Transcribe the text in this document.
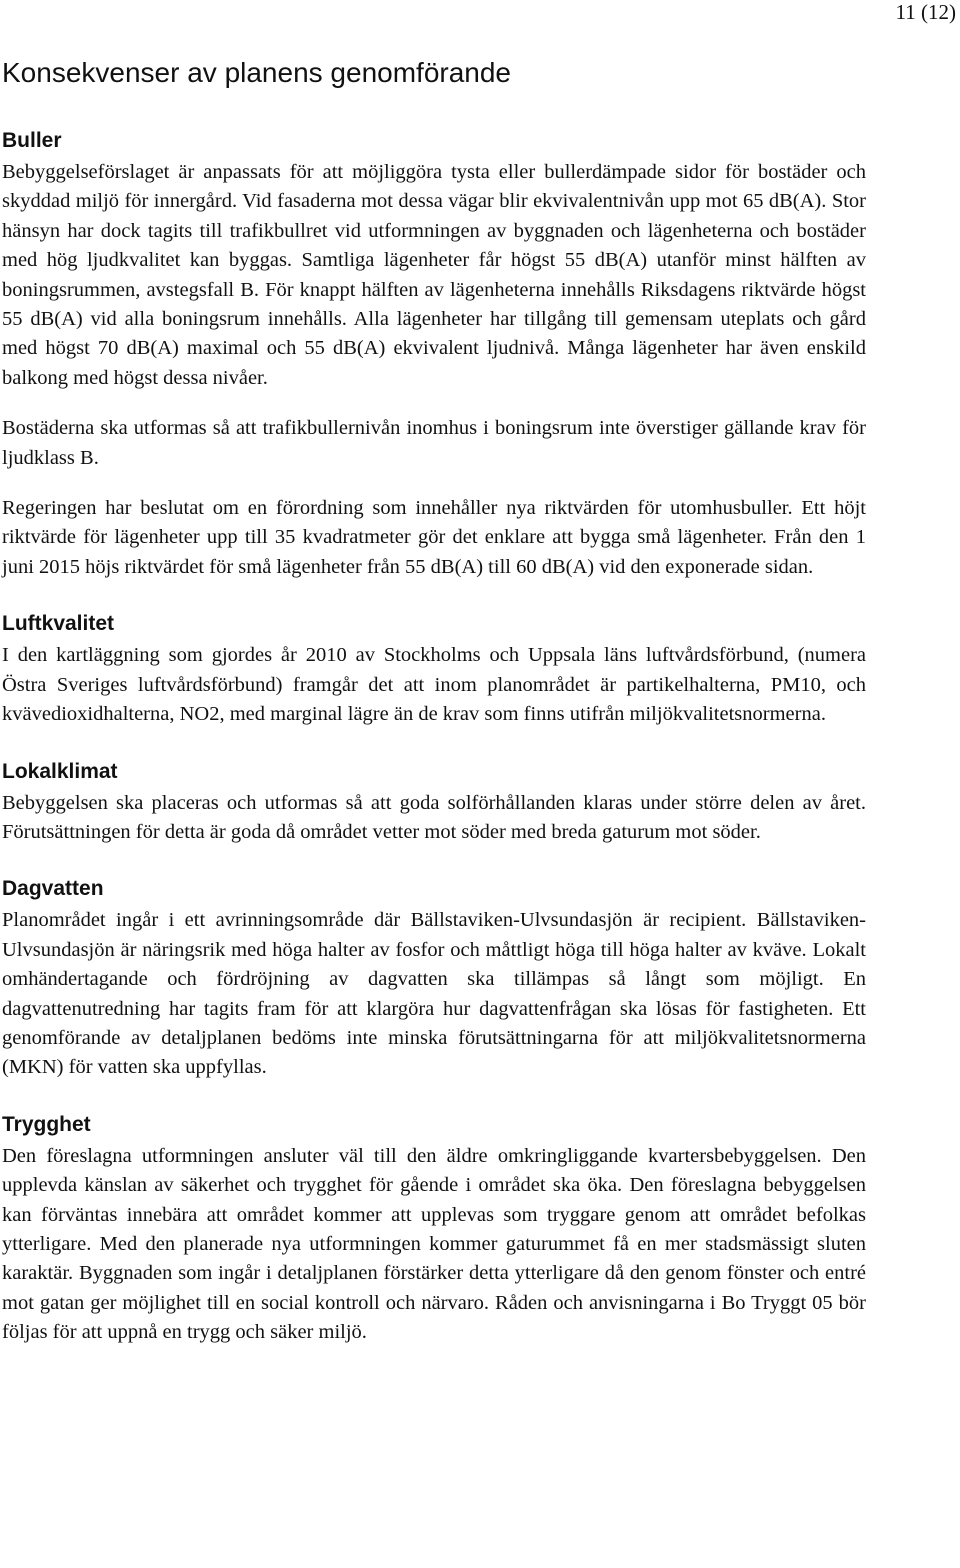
11 (12)
Konsekvenser av planens genomförande
Buller

Bebyggelseförslaget är anpassats för att möjliggöra tysta eller bullerdämpade sidor för bostäder och skyddad miljö för innergård. Vid fasaderna mot dessa vägar blir ekvivalentnivån upp mot 65 dB(A). Stor hänsyn har dock tagits till trafikbullret vid utformningen av byggnaden och lägenheterna och bostäder med hög ljudkvalitet kan byggas. Samtliga lägenheter får högst 55 dB(A) utanför minst hälften av boningsrummen, avstegsfall B. För knappt hälften av lägenheterna innehålls Riksdagens riktvärde högst 55 dB(A) vid alla boningsrum innehålls. Alla lägenheter har tillgång till gemensam uteplats och gård med högst 70 dB(A) maximal och 55 dB(A) ekvivalent ljudnivå. Många lägenheter har även enskild balkong med högst dessa nivåer.

Bostäderna ska utformas så att trafikbullernivån inomhus i boningsrum inte överstiger gällande krav för ljudklass B.

Regeringen har beslutat om en förordning som innehåller nya riktvärden för utomhusbuller. Ett höjt riktvärde för lägenheter upp till 35 kvadratmeter gör det enklare att bygga små lägenheter. Från den 1 juni 2015 höjs riktvärdet för små lägenheter från 55 dB(A) till 60 dB(A) vid den exponerade sidan.

Luftkvalitet

I den kartläggning som gjordes år 2010 av Stockholms och Uppsala läns luftvårdsförbund, (numera Östra Sveriges luftvårdsförbund) framgår det att inom planområdet är partikelhalterna, PM10, och kvävedioxidhalterna, NO2, med marginal lägre än de krav som finns utifrån miljökvalitetsnormerna.

Lokalklimat

Bebyggelsen ska placeras och utformas så att goda solförhållanden klaras under större delen av året. Förutsättningen för detta är goda då området vetter mot söder med breda gaturum mot söder.

Dagvatten

Planområdet ingår i ett avrinningsområde där Bällstaviken-Ulvsundasjön är recipient. Bällstaviken-Ulvsundasjön är näringsrik med höga halter av fosfor och måttligt höga till höga halter av kväve. Lokalt omhändertagande och fördröjning av dagvatten ska tillämpas så långt som möjligt. En dagvattenutredning har tagits fram för att klargöra hur dagvattenfrågan ska lösas för fastigheten. Ett genomförande av detaljplanen bedöms inte minska förutsättningarna för att miljökvalitetsnormerna (MKN) för vatten ska uppfyllas.

Trygghet

Den föreslagna utformningen ansluter väl till den äldre omkringliggande kvartersbebyggelsen. Den upplevda känslan av säkerhet och trygghet för gående i området ska öka. Den föreslagna bebyggelsen kan förväntas innebära att området kommer att upplevas som tryggare genom att området befolkas ytterligare. Med den planerade nya utformningen kommer gaturummet få en mer stadsmässigt sluten karaktär. Byggnaden som ingår i detaljplanen förstärker detta ytterligare då den genom fönster och entré mot gatan ger möjlighet till en social kontroll och närvaro. Råden och anvisningarna i Bo Tryggt 05 bör följas för att uppnå en trygg och säker miljö.
